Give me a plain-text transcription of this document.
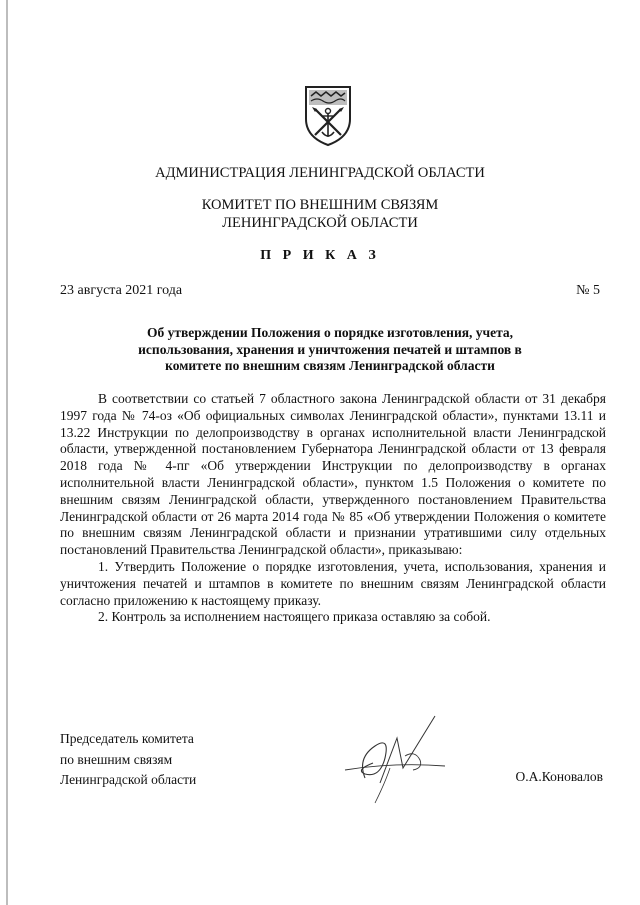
АДМИНИСТРАЦИЯ ЛЕНИНГРАДСКОЙ ОБЛАСТИ
КОМИТЕТ ПО ВНЕШНИМ СВЯЗЯМ
ЛЕНИНГРАДСКОЙ ОБЛАСТИ
П Р И К А З
23 августа 2021 года	№ 5
Об утверждении Положения о порядке изготовления, учета,
использования, хранения и уничтожения печатей и штампов в
комитете по внешним связям Ленинградской области

В соответствии со статьей 7 областного закона Ленинградской области от 31 декабря 1997 года № 74-оз «Об официальных символах Ленинградской области», пунктами 13.11 и 13.22 Инструкции по делопроизводству в органах исполнительной власти Ленинградской области, утвержденной постановлением Губернатора Ленинградской области от 13 февраля 2018 года № 4-пг «Об утверждении Инструкции по делопроизводству в органах исполнительной власти Ленинградской области», пунктом 1.5 Положения о комитете по внешним связям Ленинградской области, утвержденного постановлением Правительства Ленинградской области от 26 марта 2014 года № 85 «Об утверждении Положения о комитете по внешним связям Ленинградской области и признании утратившими силу отдельных постановлений Правительства Ленинградской области», приказываю:

1. Утвердить Положение о порядке изготовления, учета, использования, хранения и уничтожения печатей и штампов в комитете по внешним связям Ленинградской области согласно приложению к настоящему приказу.

2. Контроль за исполнением настоящего приказа оставляю за собой.

Председатель комитета
по внешним связям
Ленинградской области	О.А.Коновалов
